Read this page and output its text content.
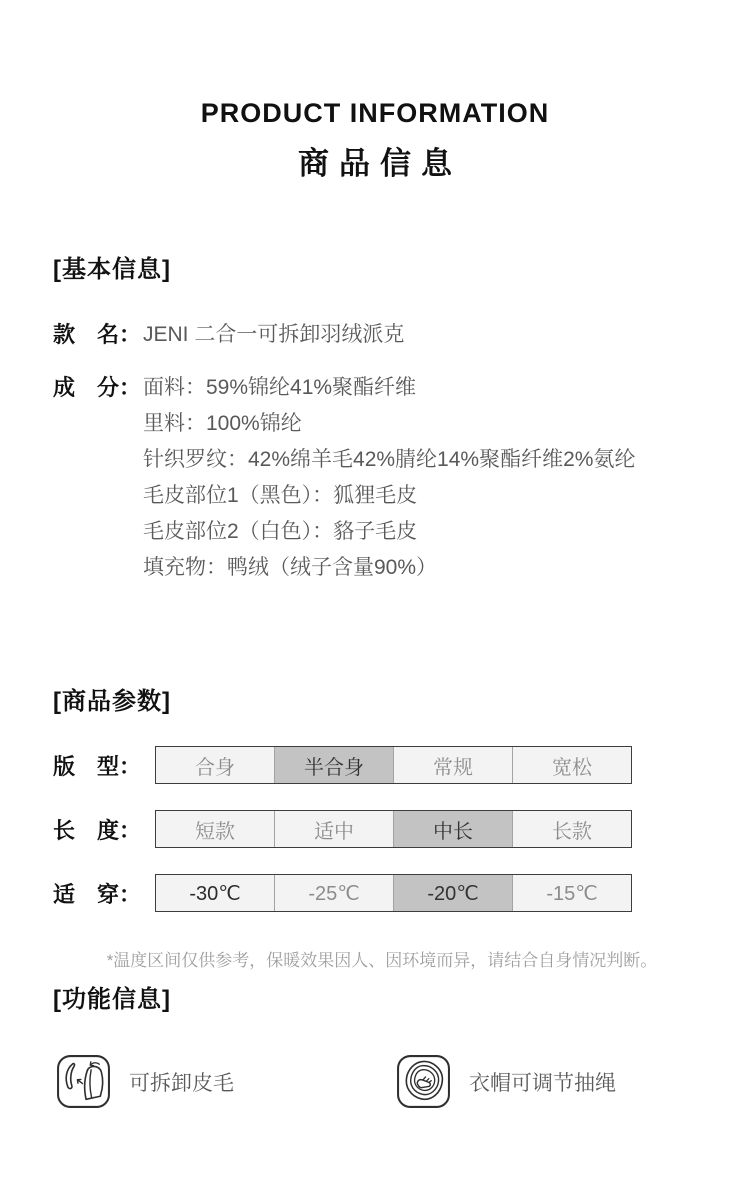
PRODUCT INFORMATION
商品信息
[基本信息]
款　名： JENI 二合一可拆卸羽绒派克
成　分： 面料：59%锦纶41%聚酯纤维
里料：100%锦纶
针织罗纹：42%绵羊毛42%腈纶14%聚酯纤维2%氨纶
毛皮部位1（黑色）：狐狸毛皮
毛皮部位2（白色）：貉子毛皮
填充物：鸭绒（绒子含量90%）
[商品参数]
版　型：	合身	半合身	常规	宽松
长　度：	短款	适中	中长	长款
适　穿：	-30℃	-25℃	-20℃	-15℃
*温度区间仅供参考，保暖效果因人、因环境而异，请结合自身情况判断。
[功能信息]
可拆卸皮毛	衣帽可调节抽绳
